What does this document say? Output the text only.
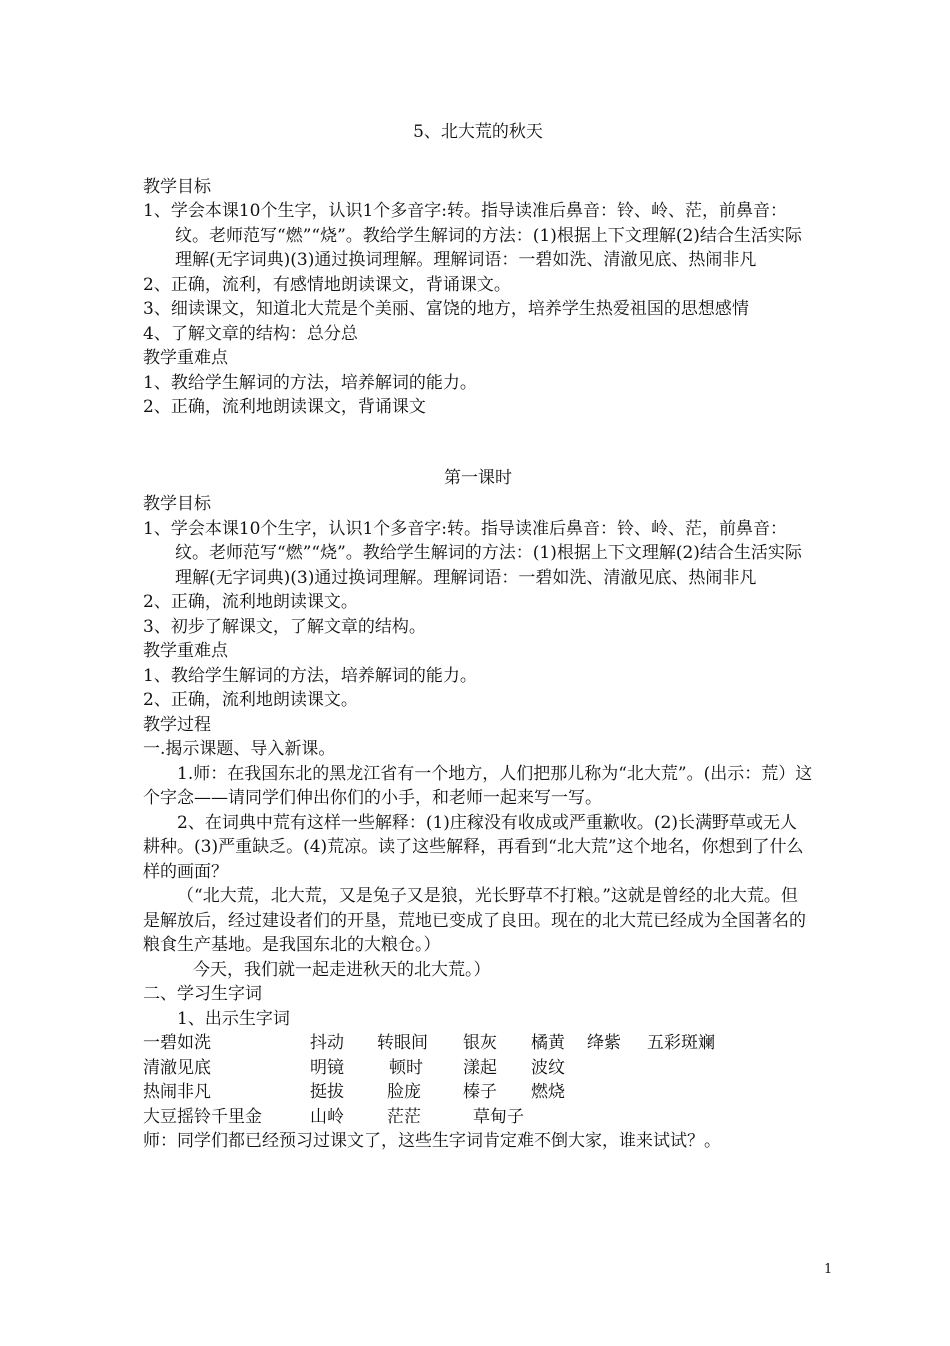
5、北大荒的秋天
教学目标
1、学会本课10个生字，认识1个多音字:转。指导读准后鼻音：铃、岭、茫，前鼻音：纹。老师范写“燃”“烧”。教给学生解词的方法：(1)根据上下文理解(2)结合生活实际理解(无字词典)(3)通过换词理解。理解词语：一碧如洗、清澈见底、热闹非凡
2、正确，流利，有感情地朗读课文，背诵课文。
3、细读课文，知道北大荒是个美丽、富饶的地方，培养学生热爱祖国的思想感情
4、了解文章的结构：总分总
教学重难点
1、教给学生解词的方法，培养解词的能力。
2、正确，流利地朗读课文，背诵课文
第一课时
教学目标
1、学会本课10个生字，认识1个多音字:转。指导读准后鼻音：铃、岭、茫，前鼻音：纹。老师范写“燃”“烧”。教给学生解词的方法：(1)根据上下文理解(2)结合生活实际理解(无字词典)(3)通过换词理解。理解词语：一碧如洗、清澈见底、热闹非凡
2、正确，流利地朗读课文。
3、初步了解课文，了解文章的结构。
教学重难点
1、教给学生解词的方法，培养解词的能力。
2、正确，流利地朗读课文。
教学过程
一.揭示课题、导入新课。
1.师：在我国东北的黑龙江省有一个地方，人们把那儿称为“北大荒”。(出示：荒）这个字念——请同学们伸出你们的小手，和老师一起来写一写。
2、在词典中荒有这样一些解释：(1)庄稼没有收成或严重歉收。(2)长满野草或无人耕种。(3)严重缺乏。(4)荒凉。读了这些解释，再看到“北大荒”这个地名，你想到了什么样的画面？
（“北大荒，北大荒，又是兔子又是狼，光长野草不打粮。”这就是曾经的北大荒。但是解放后，经过建设者们的开垦，荒地已变成了良田。现在的北大荒已经成为全国著名的粮食生产基地。是我国东北的大粮仓。）
今天，我们就一起走进秋天的北大荒。）
二、学习生字词
1、出示生字词
一碧如洗	抖动	转眼间	银灰	橘黄	绛紫	五彩斑斓
清澈见底	明镜	顿时	漾起	波纹
热闹非凡	挺拔	脸庞	榛子	燃烧
大豆摇铃千里金	山岭	茫茫	草甸子
师：同学们都已经预习过课文了，这些生字词肯定难不倒大家，谁来试试？。
1
